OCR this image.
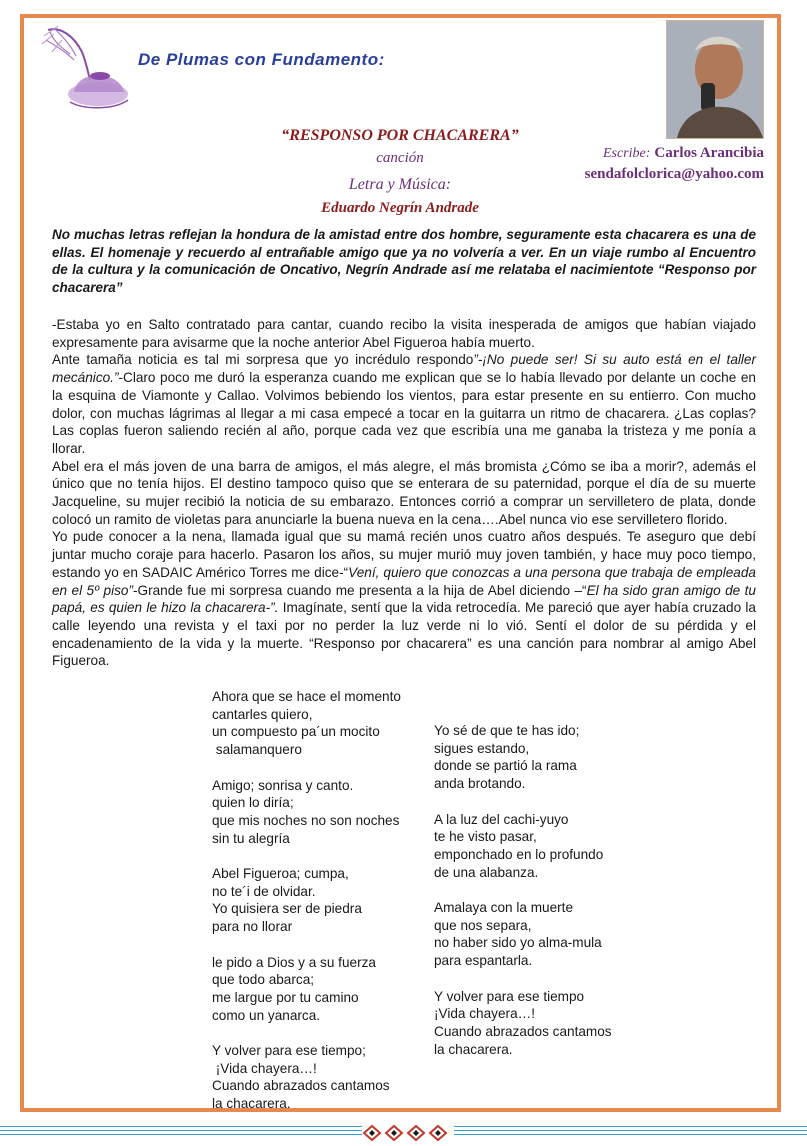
De Plumas con Fundamento:
Escribe: Carlos Arancibia
sendafolclorica@yahoo.com
“RESPONSO POR CHACARERA”
canción
Letra y Música:
Eduardo Negrín Andrade
No muchas letras reflejan la hondura de la amistad entre dos hombre, seguramente esta chacarera es una de ellas. El homenaje y recuerdo al entrañable amigo que ya no volvería a ver. En un viaje rumbo al Encuentro de la cultura y la comunicación de Oncativo, Negrín Andrade así me relataba el nacimientote “Responso por chacarera”

-Estaba yo en Salto contratado para cantar, cuando recibo la visita inesperada de amigos que habían viajado expresamente para avisarme que la noche anterior Abel Figueroa había muerto.

Ante tamaña noticia es tal mi sorpresa que yo incrédulo respondo”-¡No puede ser! Si su auto está en el taller mecánico.”-Claro poco me duró la esperanza cuando me explican que se lo había llevado por delante un coche en la esquina de Viamonte y Callao. Volvimos bebiendo los vientos, para estar presente en su entierro. Con mucho dolor, con muchas lágrimas al llegar a mi casa empecé a tocar en la guitarra un ritmo de chacarera. ¿Las coplas? Las coplas fueron saliendo recién al año, porque cada vez que escribía una me ganaba la tristeza y me ponía a llorar.

Abel era el más joven de una barra de amigos, el más alegre, el más bromista ¿Cómo se iba a morir?, además el único que no tenía hijos. El destino tampoco quiso que se enterara de su paternidad, porque el día de su muerte Jacqueline, su mujer recibió la noticia de su embarazo. Entonces corrió a comprar un servilletero de plata, donde colocó un ramito de violetas para anunciarle la buena nueva en la cena….Abel nunca vio ese servilletero florido.

Yo pude conocer a la nena, llamada igual que su mamá recién unos cuatro años después. Te aseguro que debí juntar mucho coraje para hacerlo. Pasaron los años, su mujer murió muy joven también, y hace muy poco tiempo, estando yo en SADAIC Américo Torres me dice-“Vení, quiero que conozcas a una persona que trabaja de empleada en el 5º piso”-Grande fue mi sorpresa cuando me presenta a la hija de Abel diciendo –“El ha sido gran amigo de tu papá, es quien le hizo la chacarera-”. Imagínate, sentí que la vida retrocedía. Me pareció que ayer había cruzado la calle leyendo una revista y el taxi por no perder la luz verde ni lo vió. Sentí el dolor de su pérdida y el encadenamiento de la vida y la muerte. “Responso por chacarera” es una canción para nombrar al amigo Abel Figueroa.

Ahora que se hace el momento
cantarles quiero,
un compuesto pa´un mocito
salamanquero

Amigo; sonrisa y canto.
quien lo diría;
que mis noches no son noches
sin tu alegría

Abel Figueroa; cumpa,
no te´i de olvidar.
Yo quisiera ser de piedra
para no llorar

le pido a Dios y a su fuerza
que todo abarca;
me largue por tu camino
como un yanarca.

Y volver para ese tiempo;
¡Vida chayera…!
Cuando abrazados cantamos
la chacarera.

Yo sé de que te has ido;
sigues estando,
donde se partió la rama
anda brotando.

A la luz del cachi-yuyo
te he visto pasar,
emponchado en lo profundo
de una alabanza.

Amalaya con la muerte
que nos separa,
no haber sido yo alma-mula
para espantarla.

Y volver para ese tiempo
¡Vida chayera…!
Cuando abrazados cantamos
la chacarera.
